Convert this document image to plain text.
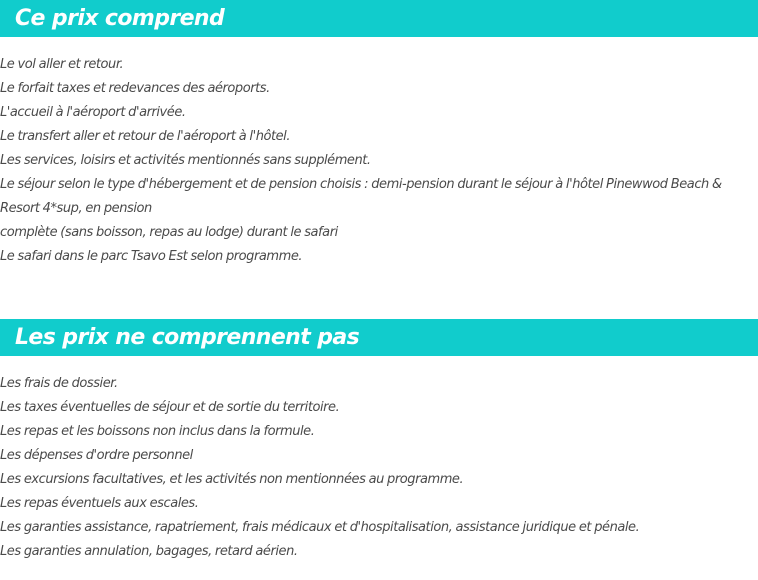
Ce prix comprend
Le vol aller et retour.
Le forfait taxes et redevances des aéroports.
L'accueil à l'aéroport d'arrivée.
Le transfert aller et retour de l'aéroport à l'hôtel.
Les services, loisirs et activités mentionnés sans supplément.
Le séjour selon le type d'hébergement et de pension choisis : demi-pension durant le séjour à l'hôtel Pinewwod Beach & Resort 4*sup, en pension
complète (sans boisson, repas au lodge) durant le safari
Le safari dans le parc Tsavo Est selon programme.
Les prix ne comprennent pas
Les frais de dossier.
Les taxes éventuelles de séjour et de sortie du territoire.
Les repas et les boissons non inclus dans la formule.
Les dépenses d'ordre personnel
Les excursions facultatives, et les activités non mentionnées au programme.
Les repas éventuels aux escales.
Les garanties assistance, rapatriement, frais médicaux et d'hospitalisation, assistance juridique et pénale.
Les garanties annulation, bagages, retard aérien.
